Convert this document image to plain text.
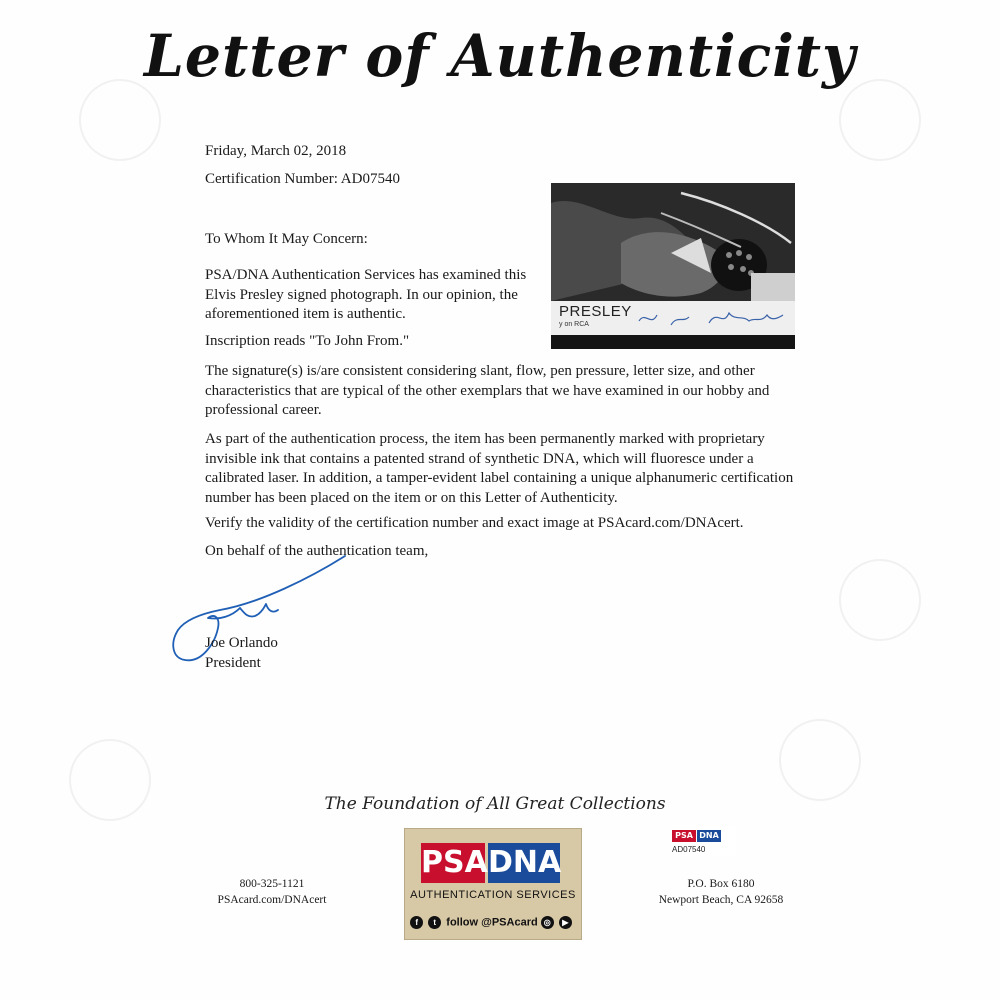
Letter of Authenticity
Friday, March 02, 2018
Certification Number: AD07540
To Whom It May Concern:
PSA/DNA Authentication Services has examined this Elvis Presley signed photograph. In our opinion, the aforementioned item is authentic.
Inscription reads "To John From."
The signature(s) is/are consistent considering slant, flow, pen pressure, letter size, and other characteristics that are typical of the other exemplars that we have examined in our hobby and professional career.
As part of the authentication process, the item has been permanently marked with proprietary invisible ink that contains a patented strand of synthetic DNA, which will fluoresce under a calibrated laser. In addition, a tamper-evident label containing a unique alphanumeric certification number has been placed on the item or on this Letter of Authenticity.
Verify the validity of the certification number and exact image at PSAcard.com/DNAcert.
On behalf of the authentication team,
Joe Orlando
President
PRESLEY
y on RCA
The Foundation of All Great Collections
800-325-1121
PSAcard.com/DNAcert
P.O. Box 6180
Newport Beach, CA 92658
PSA DNA
AUTHENTICATION SERVICES
f t follow @PSAcard ◎ ▶
PSA DNA
AD07540
